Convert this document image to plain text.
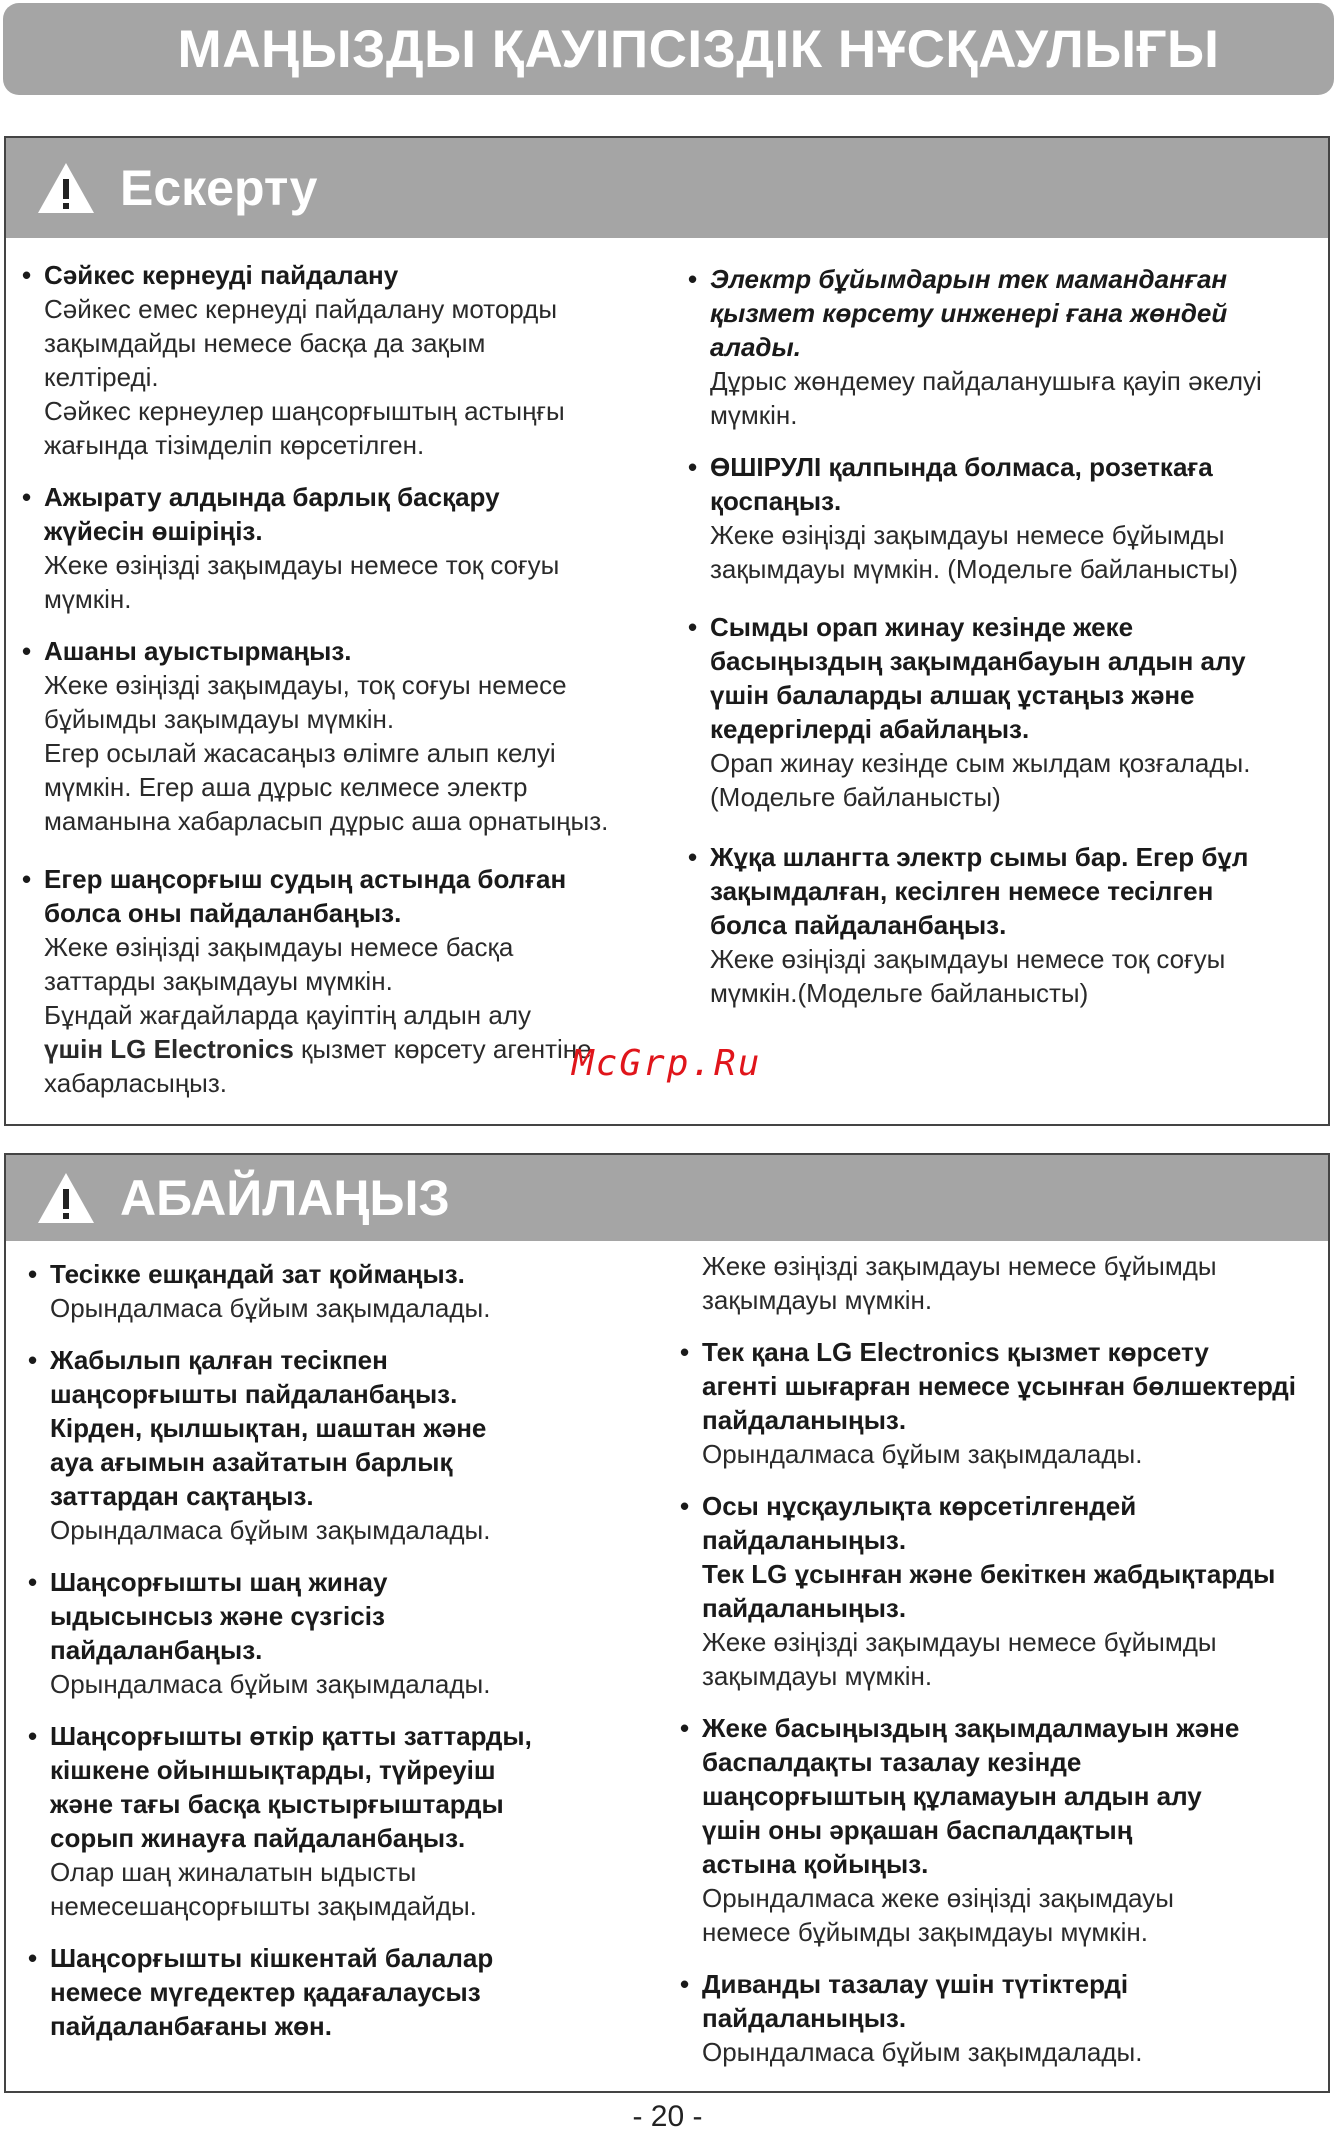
МАҢЫЗДЫ ҚАУІПСІЗДІК НҰСҚАУЛЫҒЫ
Ескерту
• Сәйкес кернеуді пайдалану
Сәйкес емес кернеуді пайдалану моторды
зақымдайды немесе басқа да зақым
келтіреді.
Сәйкес кернеулер шаңсорғыштың астыңғы
жағында тізімделіп көрсетілген.
• Ажырату алдында барлық басқару
жүйесін өшіріңіз.
Жеке өзіңізді зақымдауы немесе тоқ соғуы
мүмкін.
• Ашаны ауыстырмаңыз.
Жеке өзіңізді зақымдауы, тоқ соғуы немесе
бұйымды зақымдауы мүмкін.
Егер осылай жасасаңыз өлімге алып келуі
мүмкін. Егер аша дұрыс келмесе электр
маманына хабарласып дұрыс аша орнатыңыз.
• Егер шаңсорғыш судың астында болған
болса оны пайдаланбаңыз.
Жеке өзіңізді зақымдауы немесе басқа
заттарды зақымдауы мүмкін.
Бұндай жағдайларда қауіптің алдын алу
үшін LG Electronics қызмет көрсету агентіне
хабарласыңыз.
• Электр бұйымдарын тек маманданған
қызмет көрсету инженері ғана жөндей
алады.
Дұрыс жөндемеу пайдаланушыға қауіп әкелуі
мүмкін.
• ӨШІРУЛІ қалпында болмаса, розеткаға
қоспаңыз.
Жеке өзіңізді зақымдауы немесе бұйымды
зақымдауы мүмкін. (Модельге байланысты)
• Сымды орап жинау кезінде жеке
басыңыздың зақымданбауын алдын алу
үшін балаларды алшақ ұстаңыз және
кедергілерді абайлаңыз.
Орап жинау кезінде сым жылдам қозғалады.
(Модельге байланысты)
• Жұқа шлангта электр сымы бар. Егер бұл
зақымдалған, кесілген немесе тесілген
болса пайдаланбаңыз.
Жеке өзіңізді зақымдауы немесе тоқ соғуы
мүмкін.(Модельге байланысты)
АБАЙЛАҢЫЗ
• Тесікке ешқандай зат қоймаңыз.
Орындалмаса бұйым зақымдалады.
• Жабылып қалған тесікпен
шаңсорғышты пайдаланбаңыз.
Кірден, қылшықтан, шаштан және
ауа ағымын азайтатын барлық
заттардан сақтаңыз.
Орындалмаса бұйым зақымдалады.
• Шаңсорғышты шаң жинау
ыдысынсыз және сүзгісіз
пайдаланбаңыз.
Орындалмаса бұйым зақымдалады.
• Шаңсорғышты өткір қатты заттарды,
кішкене ойыншықтарды, түйреуіш
және тағы басқа қыстырғыштарды
сорып жинауға пайдаланбаңыз.
Олар шаң жиналатын ыдысты
немесешаңсорғышты зақымдайды.
• Шаңсорғышты кішкентай балалар
немесе мүгедектер қадағалаусыз
пайдаланбағаны жөн.
Жеке өзіңізді зақымдауы немесе бұйымды
зақымдауы мүмкін.
• Тек қана LG Electronics қызмет көрсету
агенті шығарған немесе ұсынған бөлшектерді
пайдаланыңыз.
Орындалмаса бұйым зақымдалады.
• Осы нұсқаулықта көрсетілгендей
пайдаланыңыз.
Тек LG ұсынған және бекіткен жабдықтарды
пайдаланыңыз.
Жеке өзіңізді зақымдауы немесе бұйымды
зақымдауы мүмкін.
• Жеке басыңыздың зақымдалмауын және
баспалдақты тазалау кезінде
шаңсорғыштың құламауын алдын алу
үшін оны әрқашан баспалдақтың
астына қойыңыз.
Орындалмаса жеке өзіңізді зақымдауы
немесе бұйымды зақымдауы мүмкін.
• Диванды тазалау үшін түтіктерді
пайдаланыңыз.
Орындалмаса бұйым зақымдалады.
McGrp.Ru
- 20 -
